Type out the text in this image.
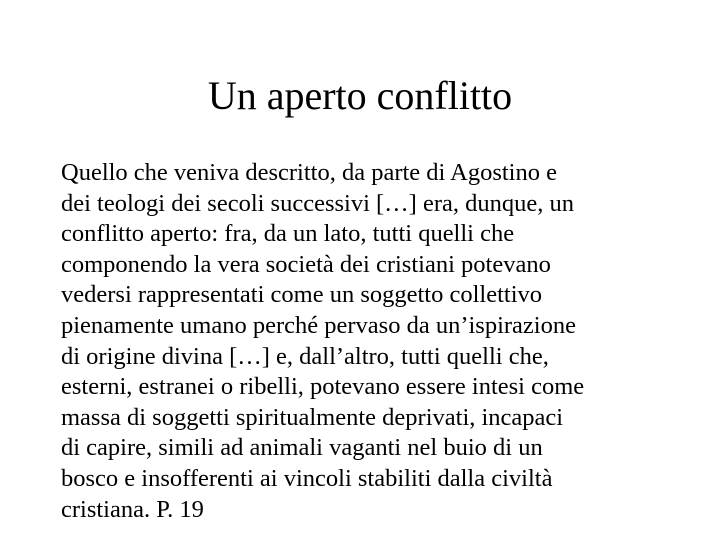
Un aperto conflitto
Quello che veniva descritto, da parte di Agostino e
dei teologi dei secoli successivi […] era, dunque, un
conflitto aperto: fra, da un lato, tutti quelli che
componendo la vera società dei cristiani potevano
vedersi rappresentati come un soggetto collettivo
pienamente umano perché pervaso da un’ispirazione
di origine divina […] e, dall’altro, tutti quelli che,
esterni, estranei o ribelli, potevano essere intesi come
massa di soggetti spiritualmente deprivati, incapaci
di capire, simili ad animali vaganti nel buio di un
bosco e insofferenti ai vincoli stabiliti dalla civiltà
cristiana. P. 19
